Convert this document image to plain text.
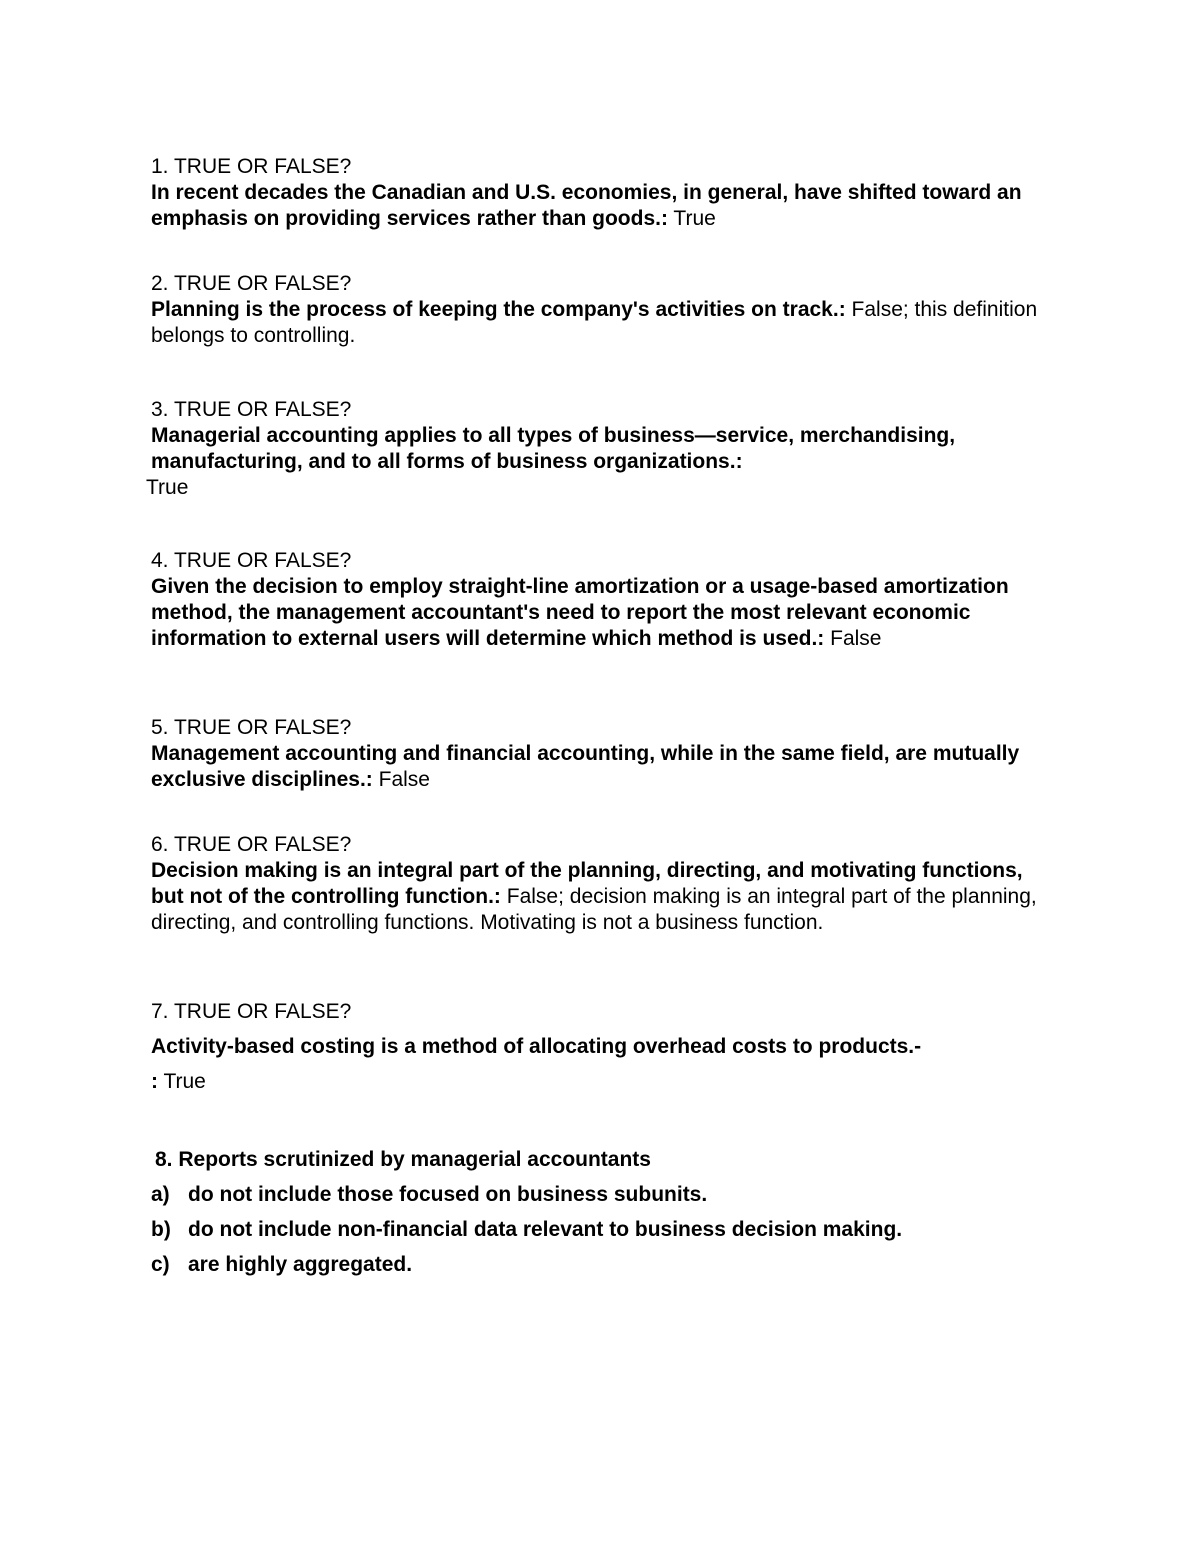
1. TRUE OR FALSE?
In recent decades the Canadian and U.S. economies, in general, have shifted toward an emphasis on providing services rather than goods.: True
2. TRUE OR FALSE?
Planning is the process of keeping the company's activities on track.: False; this definition belongs to controlling.
3. TRUE OR FALSE?
Managerial accounting applies to all types of business—service, merchandising, manufacturing, and to all forms of business organizations.:
True
4. TRUE OR FALSE?
Given the decision to employ straight-line amortization or a usage-based amortization method, the management accountant's need to report the most relevant economic information to external users will determine which method is used.: False
5. TRUE OR FALSE?
Management accounting and financial accounting, while in the same field, are mutually exclusive disciplines.: False
6. TRUE OR FALSE?
Decision making is an integral part of the planning, directing, and motivating functions, but not of the controlling function.: False; decision making is an integral part of the planning, directing, and controlling functions. Motivating is not a business function.
7. TRUE OR FALSE?
Activity-based costing is a method of allocating overhead costs to products.-
: True
8. Reports scrutinized by managerial accountants
a) do not include those focused on business subunits.
b) do not include non-financial data relevant to business decision making.
c) are highly aggregated.
